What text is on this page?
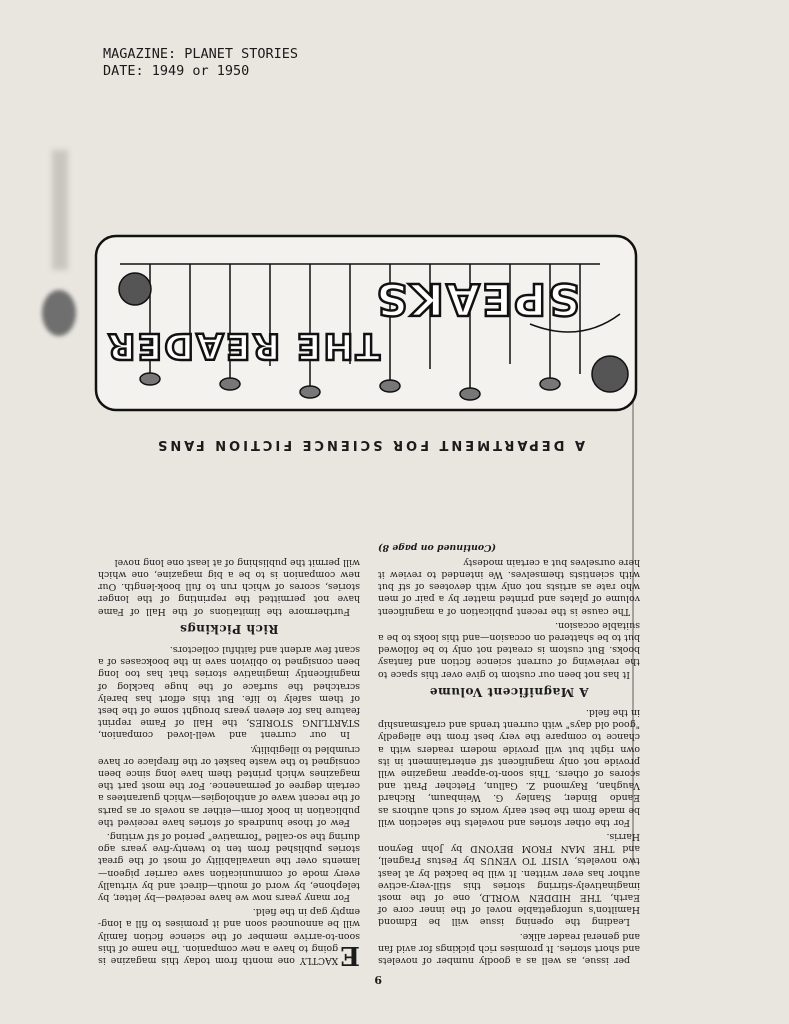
MAGAZINE: PLANET STORIES
DATE: 1949 or 1950
9

per issue, as well as a goodly number of novelets and short stories. It promises rich pickings for avid fan and general reader alike.

Leading the opening issue will be Edmond Hamilton's unforgettable novel of the inner core of Earth, THE HIDDEN WORLD, one of the most imaginatively-stirring stories this still-very-active author has ever written. It will be backed by at least two novelets, VISIT TO VENUS by Festus Pragnell, and THE MAN FROM BEYOND by John Beynon Harris.

For the other stories and novelets the selection will be made from the best early works of such authors as Eando Binder, Stanley G. Weinbaum, Richard Vaughan, Raymond Z. Gallun, Fletcher Pratt and scores of others. This soon-to-appear magazine will provide not only magnificent stf entertainment in its own right but will provide modern readers with a chance to compare the very best from the allegedly "good old days" with current trends and craftsmanship in the field.

A Magnificent Volume

It has not been our custom to give over this space to the reviewing of current science fiction and fantasy books. But custom is created not only to be followed but to be shattered on occasion—and this looks to be a suitable occasion.

The cause is the recent publication of a magnificent volume of plates and printed matter by a pair of men who rate as artists not only with devotees of stf but with scientists themselves. We intended to review it here ourselves but a certain modesty

(Continued on page 8)

E
XACTLY one month from today this magazine is going to have a new companion. The name of this soon-to-arrive member of the science fiction family will be announced soon and it promises to fill a long-empty gap in the field.

For many years now we have received—by letter, by telephone, by word of mouth—direct and by virtually every mode of communication save carrier pigeon—laments over the unavailability of most of the great stories published from ten to twenty-five years ago during the so-called "formative" period of stf writing.

Few of those hundreds of stories have received the publication in book form—either as novels or as parts of the recent wave of anthologies—which guarantees a certain degree of permanence. For the most part the magazines which printed them have long since been consigned to the waste basket or the fireplace or have crumbled to illegibility.

In our current and well-loved companion, STARTLING STORIES, the Hall of Fame reprint feature has for eleven years brought some of the best of them safely to life. But this effort has barely scratched the surface of the huge backlog of magnificently imaginative stories that has too long been consigned to oblivion save in the bookcases of a scant few ardent and faithful collectors.

Rich Pickings

Furthermore the limitations of the Hall of Fame have not permitted the reprinting of the longer stories, scores of which run to full book-length. Our new companion is to be a big magazine, one which will permit the publishing of at least one long novel

A DEPARTMENT FOR SCIENCE FICTION FANS
SPEAKS
THE READER
